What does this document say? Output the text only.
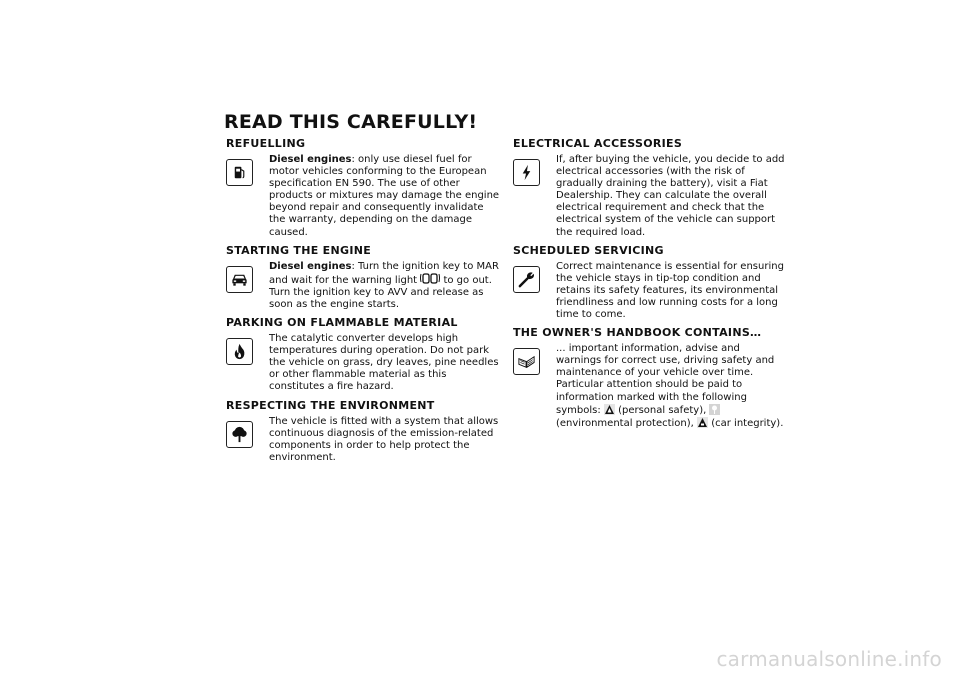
READ THIS CAREFULLY!
REFUELLING

Diesel engines: only use diesel fuel for motor vehicles conforming to the European specification EN 590. The use of other products or mixtures may damage the engine beyond repair and consequently invalidate the warranty, depending on the damage caused.

STARTING THE ENGINE

Diesel engines: Turn the ignition key to MAR and wait for the warning light	to go out. Turn the ignition key to AVV and release as soon as the engine starts.

PARKING ON FLAMMABLE MATERIAL

The catalytic converter develops high temperatures during operation. Do not park the vehicle on grass, dry leaves, pine needles or other flammable material as this constitutes a fire hazard.

RESPECTING THE ENVIRONMENT

The vehicle is fitted with a system that allows continuous diagnosis of the emission-related components in order to help protect the environment.

ELECTRICAL ACCESSORIES

If, after buying the vehicle, you decide to add electrical accessories (with the risk of gradually draining the battery), visit a Fiat Dealership. They can calculate the overall electrical requirement and check that the electrical system of the vehicle can support the required load.

SCHEDULED SERVICING

Correct maintenance is essential for ensuring the vehicle stays in tip-top condition and retains its safety features, its environmental friendliness and low running costs for a long time to come.

THE OWNER'S HANDBOOK CONTAINS…

... important information, advise and warnings for correct use, driving safety and maintenance of your vehicle over time. Particular attention should be paid to information marked with the following symbols: (personal safety),  (environmental protection), (car integrity).

carmanualsonline.info
